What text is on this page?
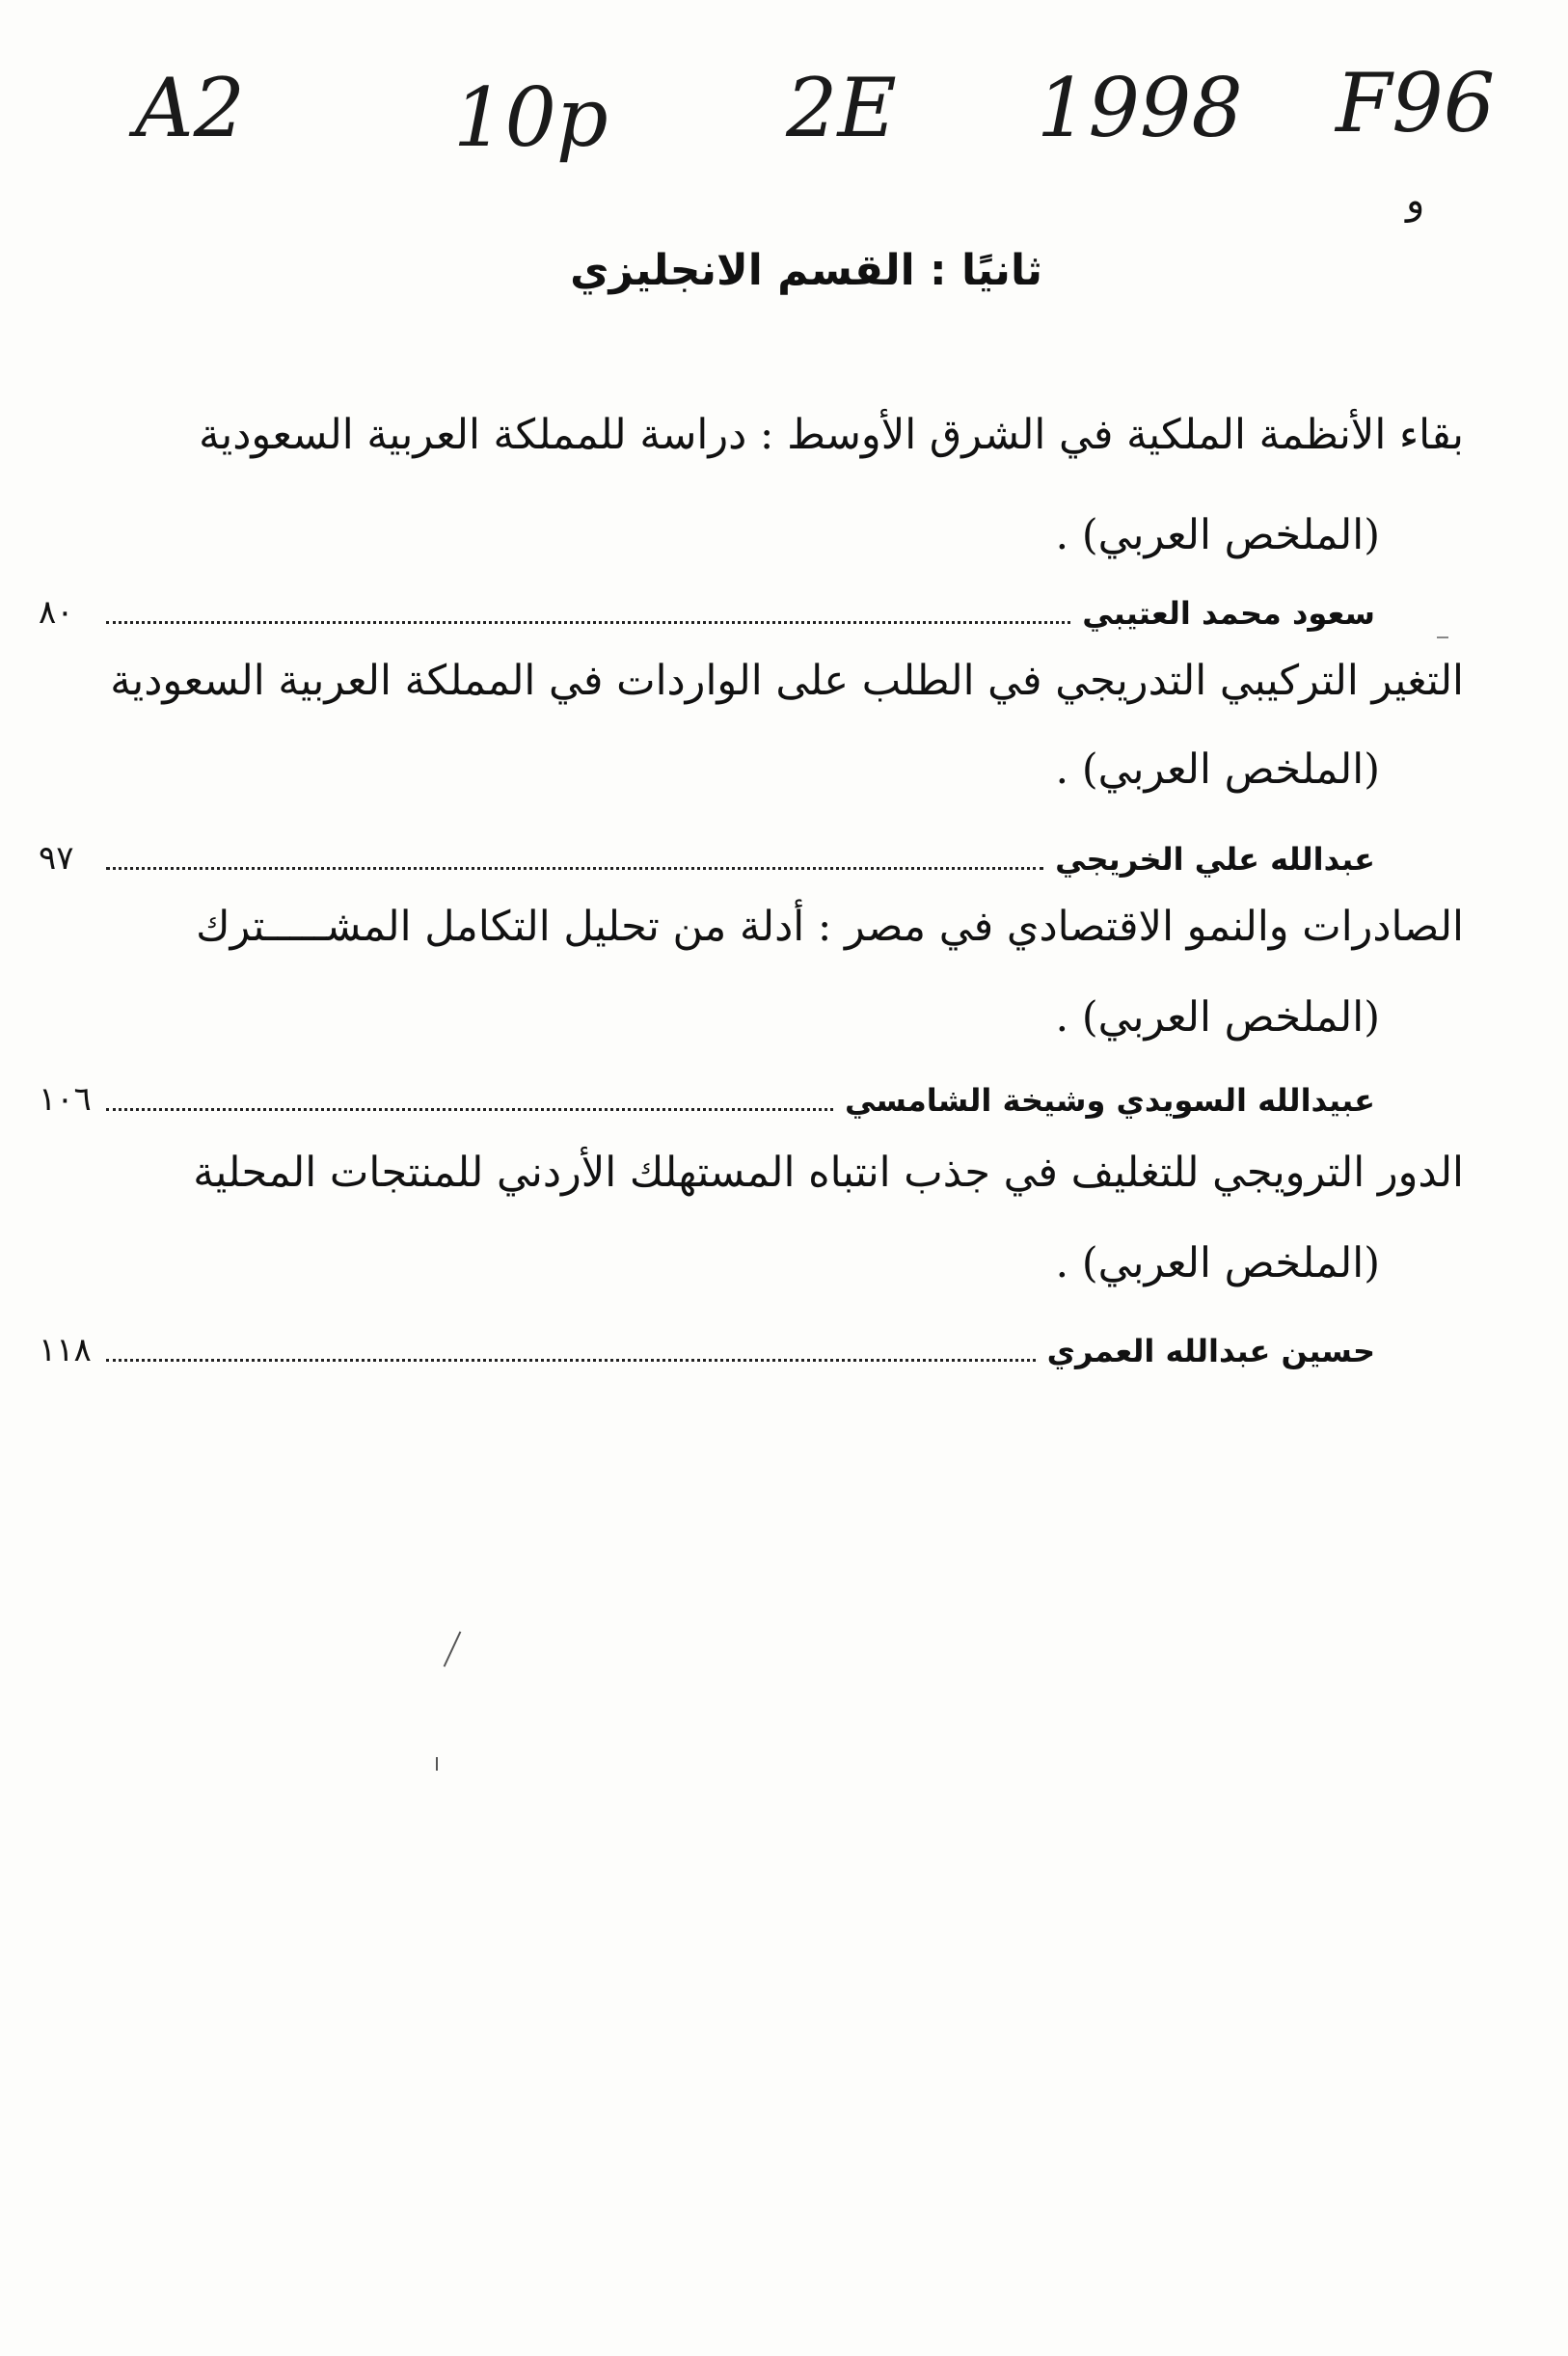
A2	10p 2E 1998 F96
و
ثانيًا : القسم الانجليزي
بقاء الأنظمة الملكية في الشرق الأوسط : دراسة للمملكة العربية السعودية
(الملخص العربي) .
سعود محمد العتيبي
٨٠
التغير التركيبي التدريجي في الطلب على الواردات في المملكة العربية السعودية
(الملخص العربي) .
عبدالله علي الخريجي
٩٧
الصادرات والنمو الاقتصادي في مصر : أدلة من تحليل التكامل المشـــــترك
(الملخص العربي) .
عبيدالله السويدي وشيخة الشامسي
١٠٦
الدور الترويجي للتغليف في جذب انتباه المستهلك الأردني للمنتجات المحلية
(الملخص العربي) .
حسين عبدالله العمري
١١٨
